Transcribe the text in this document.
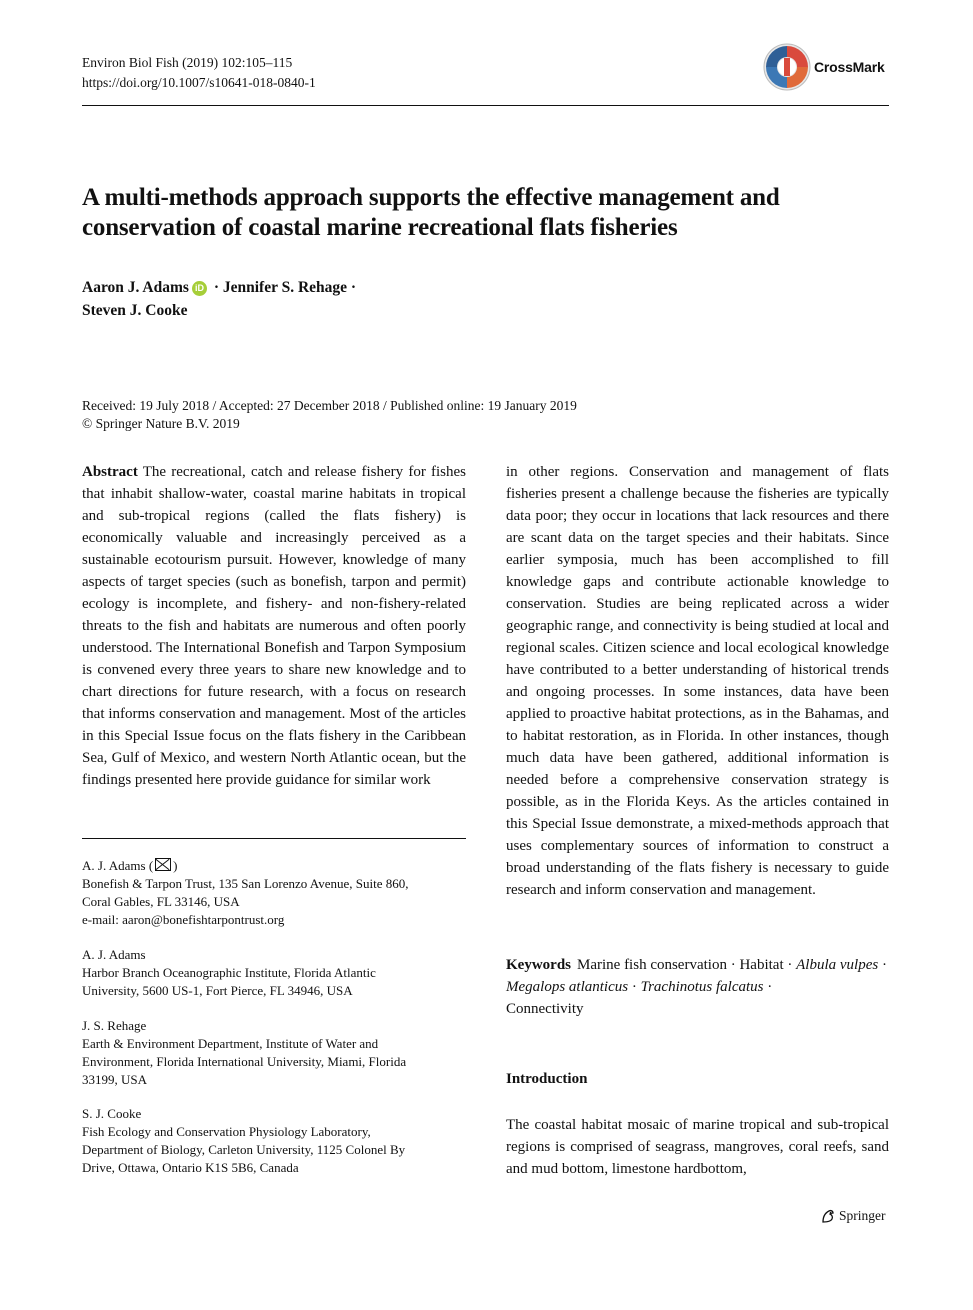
Environ Biol Fish (2019) 102:105–115
https://doi.org/10.1007/s10641-018-0840-1
CrossMark
A multi-methods approach supports the effective management and conservation of coastal marine recreational flats fisheries
Aaron J. Adams iD · Jennifer S. Rehage ·
Steven J. Cooke
Received: 19 July 2018 / Accepted: 27 December 2018 / Published online: 19 January 2019
© Springer Nature B.V. 2019

Abstract The recreational, catch and release fishery for fishes that inhabit shallow-water, coastal marine habitats in tropical and sub-tropical regions (called the flats fishery) is economically valuable and increasingly perceived as a sustainable ecotourism pursuit. However, knowledge of many aspects of target species (such as bonefish, tarpon and permit) ecology is incomplete, and fishery- and non-fishery-related threats to the fish and habitats are numerous and often poorly understood. The International Bonefish and Tarpon Symposium is convened every three years to share new knowledge and to chart directions for future research, with a focus on research that informs conservation and management. Most of the articles in this Special Issue focus on the flats fishery in the Caribbean Sea, Gulf of Mexico, and western North Atlantic ocean, but the findings presented here provide guidance for similar work

in other regions. Conservation and management of flats fisheries present a challenge because the fisheries are typically data poor; they occur in locations that lack resources and there are scant data on the target species and their habitats. Since earlier symposia, much has been accomplished to fill knowledge gaps and contribute actionable knowledge to conservation. Studies are being replicated across a wider geographic range, and connectivity is being studied at local and regional scales. Citizen science and local ecological knowledge have contributed to a better understanding of historical trends and ongoing processes. In some instances, data have been applied to proactive habitat protections, as in the Bahamas, and to habitat restoration, as in Florida. In other instances, though much data have been gathered, additional information is needed before a comprehensive conservation strategy is possible, as in the Florida Keys. As the articles contained in this Special Issue demonstrate, a mixed-methods approach that uses complementary sources of information to construct a broad understanding of the flats fishery is necessary to guide research and inform conservation and management.

A. J. Adams ( )
Bonefish & Tarpon Trust, 135 San Lorenzo Avenue, Suite 860,
Coral Gables, FL 33146, USA
e-mail: aaron@bonefishtarpontrust.org
A. J. Adams
Harbor Branch Oceanographic Institute, Florida Atlantic
University, 5600 US-1, Fort Pierce, FL 34946, USA
J. S. Rehage
Earth & Environment Department, Institute of Water and
Environment, Florida International University, Miami, Florida
33199, USA
S. J. Cooke
Fish Ecology and Conservation Physiology Laboratory,
Department of Biology, Carleton University, 1125 Colonel By
Drive, Ottawa, Ontario K1S 5B6, Canada
Keywords Marine fish conservation · Habitat · Albula vulpes · Megalops atlanticus · Trachinotus falcatus ·
Connectivity
Introduction

The coastal habitat mosaic of marine tropical and sub-tropical regions is comprised of seagrass, mangroves, coral reefs, sand and mud bottom, limestone hardbottom,

Springer
